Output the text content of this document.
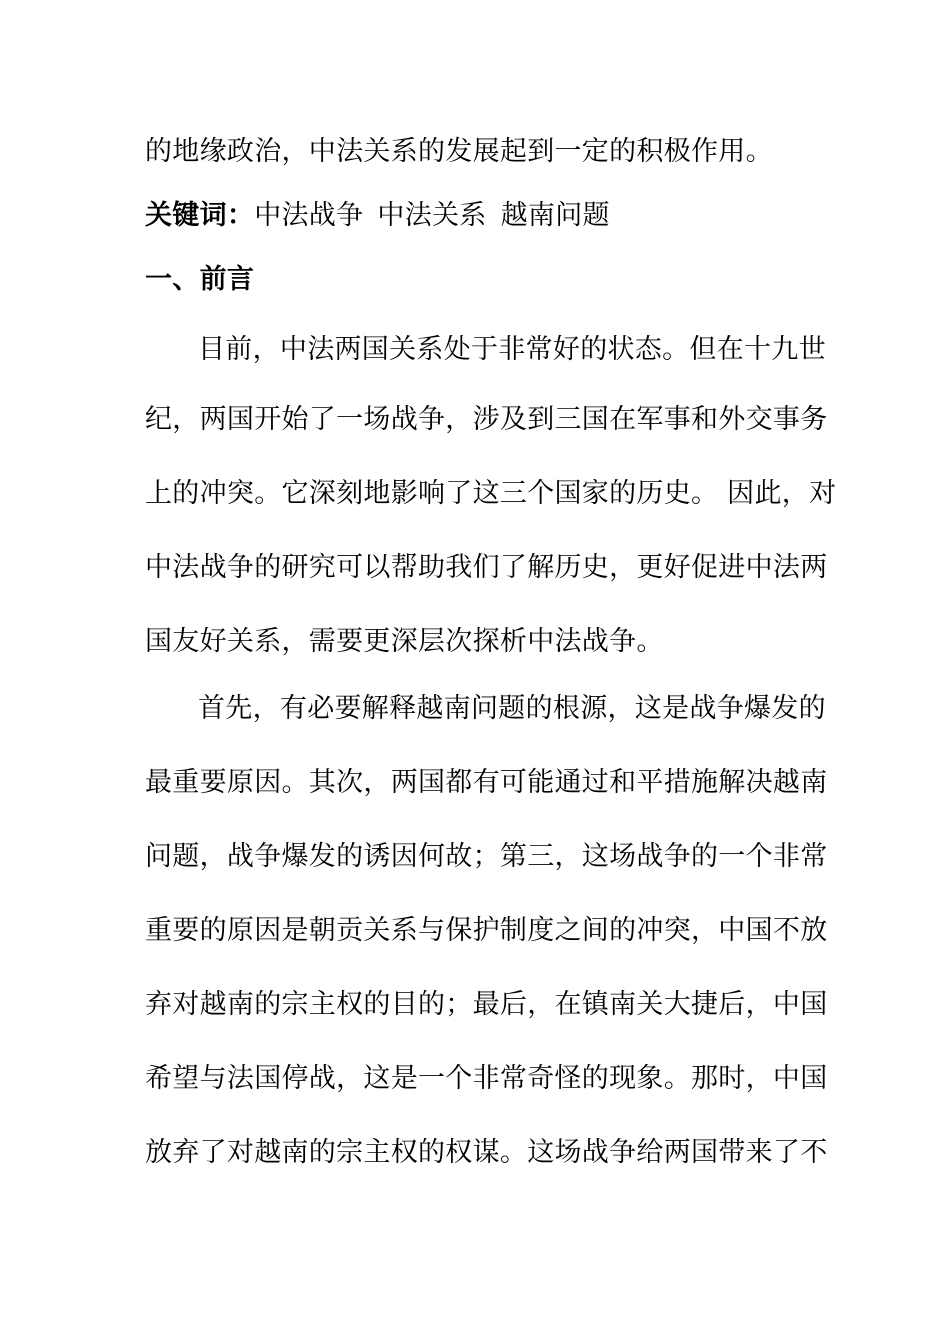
的地缘政治，中法关系的发展起到一定的积极作用。
关键词：中法战争 中法关系 越南问题
一、前言
目前，中法两国关系处于非常好的状态。但在十九世
纪，两国开始了一场战争，涉及到三国在军事和外交事务
上的冲突。它深刻地影响了这三个国家的历史。 因此，对
中法战争的研究可以帮助我们了解历史，更好促进中法两
国友好关系，需要更深层次探析中法战争。
首先，有必要解释越南问题的根源，这是战争爆发的
最重要原因。其次，两国都有可能通过和平措施解决越南
问题，战争爆发的诱因何故；第三，这场战争的一个非常
重要的原因是朝贡关系与保护制度之间的冲突，中国不放
弃对越南的宗主权的目的；最后，在镇南关大捷后，中国
希望与法国停战，这是一个非常奇怪的现象。那时，中国
放弃了对越南的宗主权的权谋。这场战争给两国带来了不
